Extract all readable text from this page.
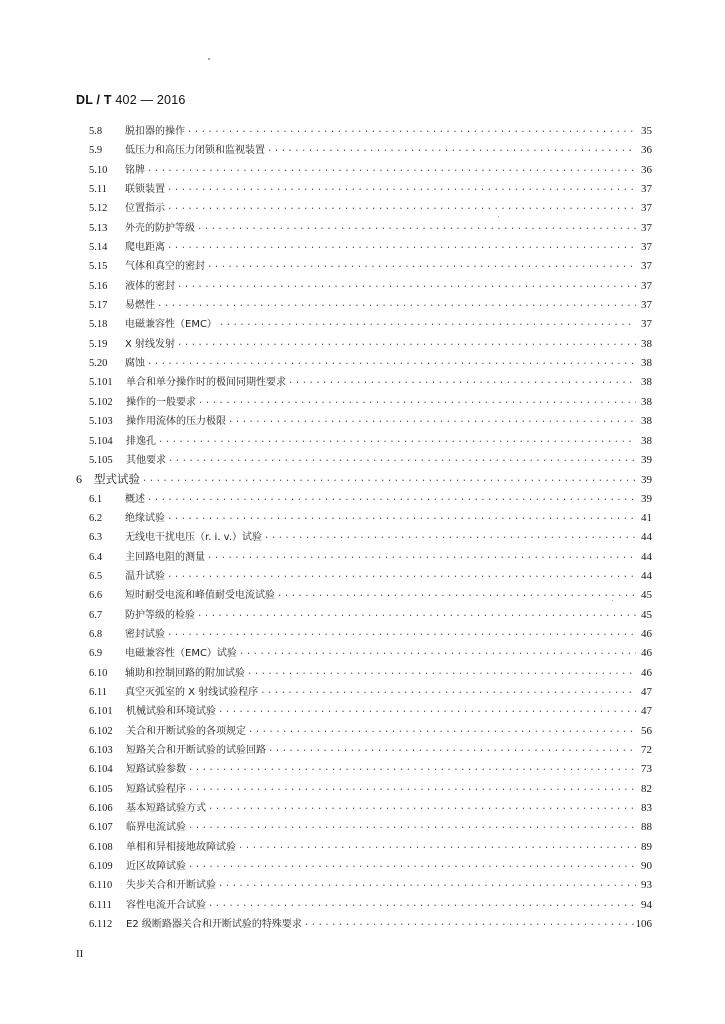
DL / T 402 — 2016
5.8	脱扣器的操作 ·····	35
5.9	低压力和高压力闭锁和监视装置 ·····	36
5.10	铭牌 ·····	36
5.11	联锁装置 ·····	37
5.12	位置指示 ·····	37
5.13	外壳的防护等级 ·····	37
5.14	爬电距离 ·····	37
5.15	气体和真空的密封 ·····	37
5.16	液体的密封 ·····	37
5.17	易燃性 ·····	37
5.18	电磁兼容性（EMC） ·····	37
5.19	X 射线发射 ·····	38
5.20	腐蚀 ·····	38
5.101	单合和单分操作时的极间同期性要求 ·····	38
5.102	操作的一般要求 ·····	38
5.103	操作用流体的压力极限 ·····	38
5.104	排逸孔 ·····	38
5.105	其他要求 ·····	39
6	型式试验 ·····	39
6.1	概述 ·····	39
6.2	绝缘试验 ·····	41
6.3	无线电干扰电压（r. i. v.）试验 ·····	44
6.4	主回路电阻的测量 ·····	44
6.5	温升试验 ·····	44
6.6	短时耐受电流和峰值耐受电流试验 ·····	45
6.7	防护等级的检验 ·····	45
6.8	密封试验 ·····	46
6.9	电磁兼容性（EMC）试验 ·····	46
6.10	辅助和控制回路的附加试验 ·····	46
6.11	真空灭弧室的 X 射线试验程序 ·····	47
6.101	机械试验和环境试验 ·····	47
6.102	关合和开断试验的各项规定 ·····	56
6.103	短路关合和开断试验的试验回路 ·····	72
6.104	短路试验参数 ·····	73
6.105	短路试验程序 ·····	82
6.106	基本短路试验方式 ·····	83
6.107	临界电流试验 ·····	88
6.108	单相和异相接地故障试验 ·····	89
6.109	近区故障试验 ·····	90
6.110	失步关合和开断试验 ·····	93
6.111	容性电流开合试验 ·····	94
6.112	E2 级断路器关合和开断试验的特殊要求 ·····	106
II
